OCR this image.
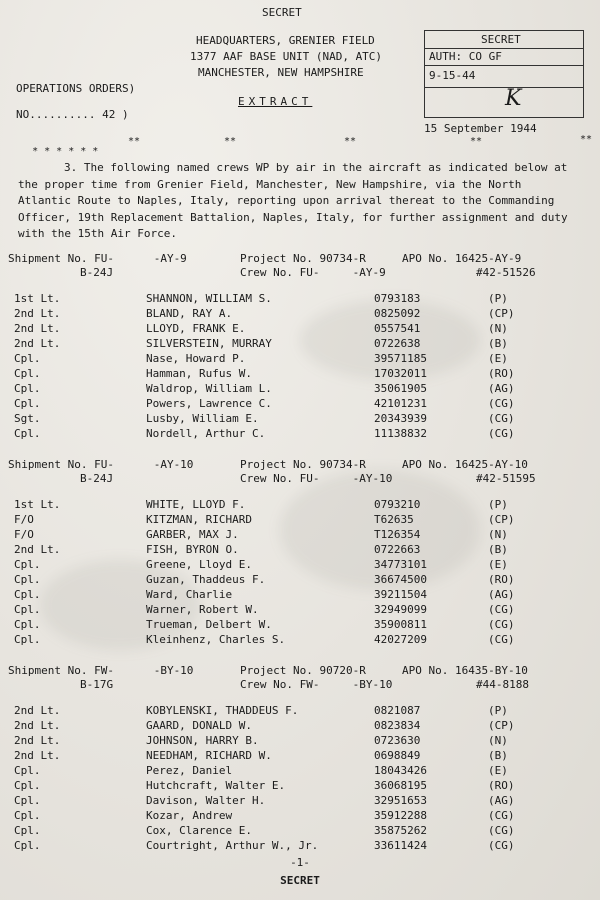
SECRET
HEADQUARTERS, GRENIER FIELD
1377 AAF BASE UNIT (NAD, ATC)
MANCHESTER, NEW HAMPSHIRE
OPERATIONS ORDERS)
EXTRACT
NO.......... 42 )
15 September 1944

* * * * * *

**	**	**	**	**
SECRET
AUTH: CO GF
9-15-44
K
3. The following named crews WP by air in the aircraft as indicated below at the proper time from Grenier Field, Manchester, New Hampshire, via the North Atlantic Route to Naples, Italy, reporting upon arrival thereat to the Commanding Officer, 19th Replacement Battalion, Naples, Italy, for further assignment and duty with the 15th Air Force.
Shipment No. FU-      -AY-9	Project No. 90734-R	APO No. 16425-AY-9
B-24J	Crew No. FU-     -AY-9	#42-51526
1st Lt.	SHANNON, WILLIAM S.	0793183	(P)
2nd Lt.	BLAND, RAY A.	0825092	(CP)
2nd Lt.	LLOYD, FRANK E.	0557541	(N)
2nd Lt.	SILVERSTEIN, MURRAY	0722638	(B)
Cpl.	Nase, Howard P.	39571185	(E)
Cpl.	Hamman, Rufus W.	17032011	(RO)
Cpl.	Waldrop, William L.	35061905	(AG)
Cpl.	Powers, Lawrence C.	42101231	(CG)
Sgt.	Lusby, William E.	20343939	(CG)
Cpl.	Nordell, Arthur C.	11138832	(CG)
Shipment No. FU-      -AY-10	Project No. 90734-R	APO No. 16425-AY-10
B-24J	Crew No. FU-     -AY-10	#42-51595
1st Lt.	WHITE, LLOYD F.	0793210	(P)
F/O	KITZMAN, RICHARD	T62635	(CP)
F/O	GARBER, MAX J.	T126354	(N)
2nd Lt.	FISH, BYRON O.	0722663	(B)
Cpl.	Greene, Lloyd E.	34773101	(E)
Cpl.	Guzan, Thaddeus F.	36674500	(RO)
Cpl.	Ward, Charlie	39211504	(AG)
Cpl.	Warner, Robert W.	32949099	(CG)
Cpl.	Trueman, Delbert W.	35900811	(CG)
Cpl.	Kleinhenz, Charles S.	42027209	(CG)
Shipment No. FW-      -BY-10	Project No. 90720-R	APO No. 16435-BY-10
B-17G	Crew No. FW-     -BY-10	#44-8188
2nd Lt.	KOBYLENSKI, THADDEUS F.	0821087	(P)
2nd Lt.	GAARD, DONALD W.	0823834	(CP)
2nd Lt.	JOHNSON, HARRY B.	0723630	(N)
2nd Lt.	NEEDHAM, RICHARD W.	0698849	(B)
Cpl.	Perez, Daniel	18043426	(E)
Cpl.	Hutchcraft, Walter E.	36068195	(RO)
Cpl.	Davison, Walter H.	32951653	(AG)
Cpl.	Kozar, Andrew	35912288	(CG)
Cpl.	Cox, Clarence E.	35875262	(CG)
Cpl.	Courtright, Arthur W., Jr.	33611424	(CG)
-1-
SECRET
